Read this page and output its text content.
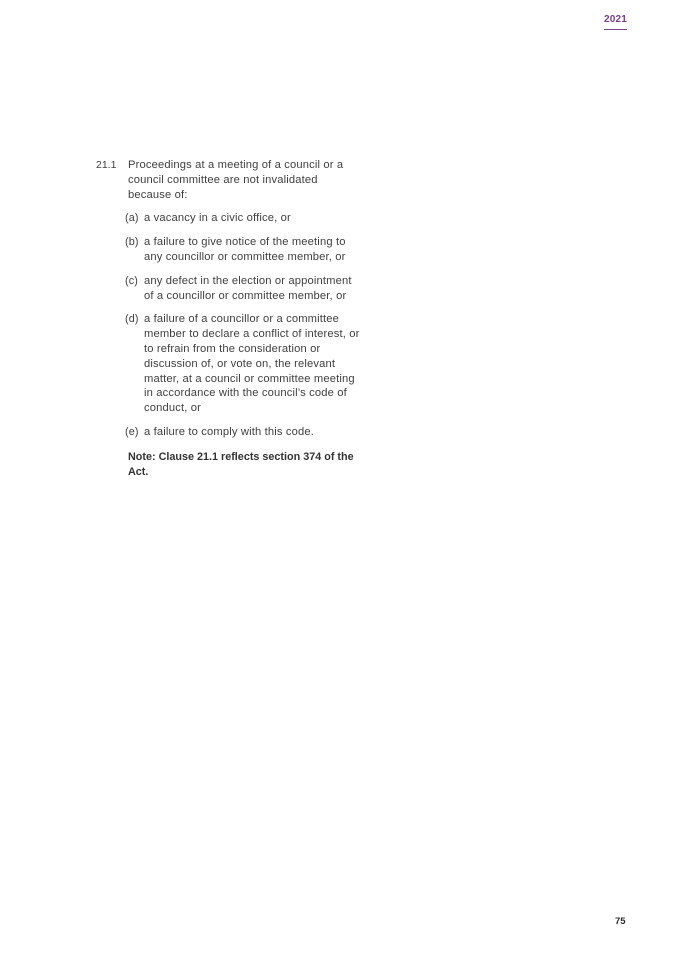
2021
21.1	Proceedings at a meeting of a council or a council committee are not invalidated because of:
(a) a vacancy in a civic office, or
(b) a failure to give notice of the meeting to any councillor or committee member, or
(c) any defect in the election or appointment of a councillor or committee member, or
(d) a failure of a councillor or a committee member to declare a conflict of interest, or to refrain from the consideration or discussion of, or vote on, the relevant matter, at a council or committee meeting in accordance with the council’s code of conduct, or
(e) a failure to comply with this code.
Note: Clause 21.1 reflects section 374 of the Act.
75
